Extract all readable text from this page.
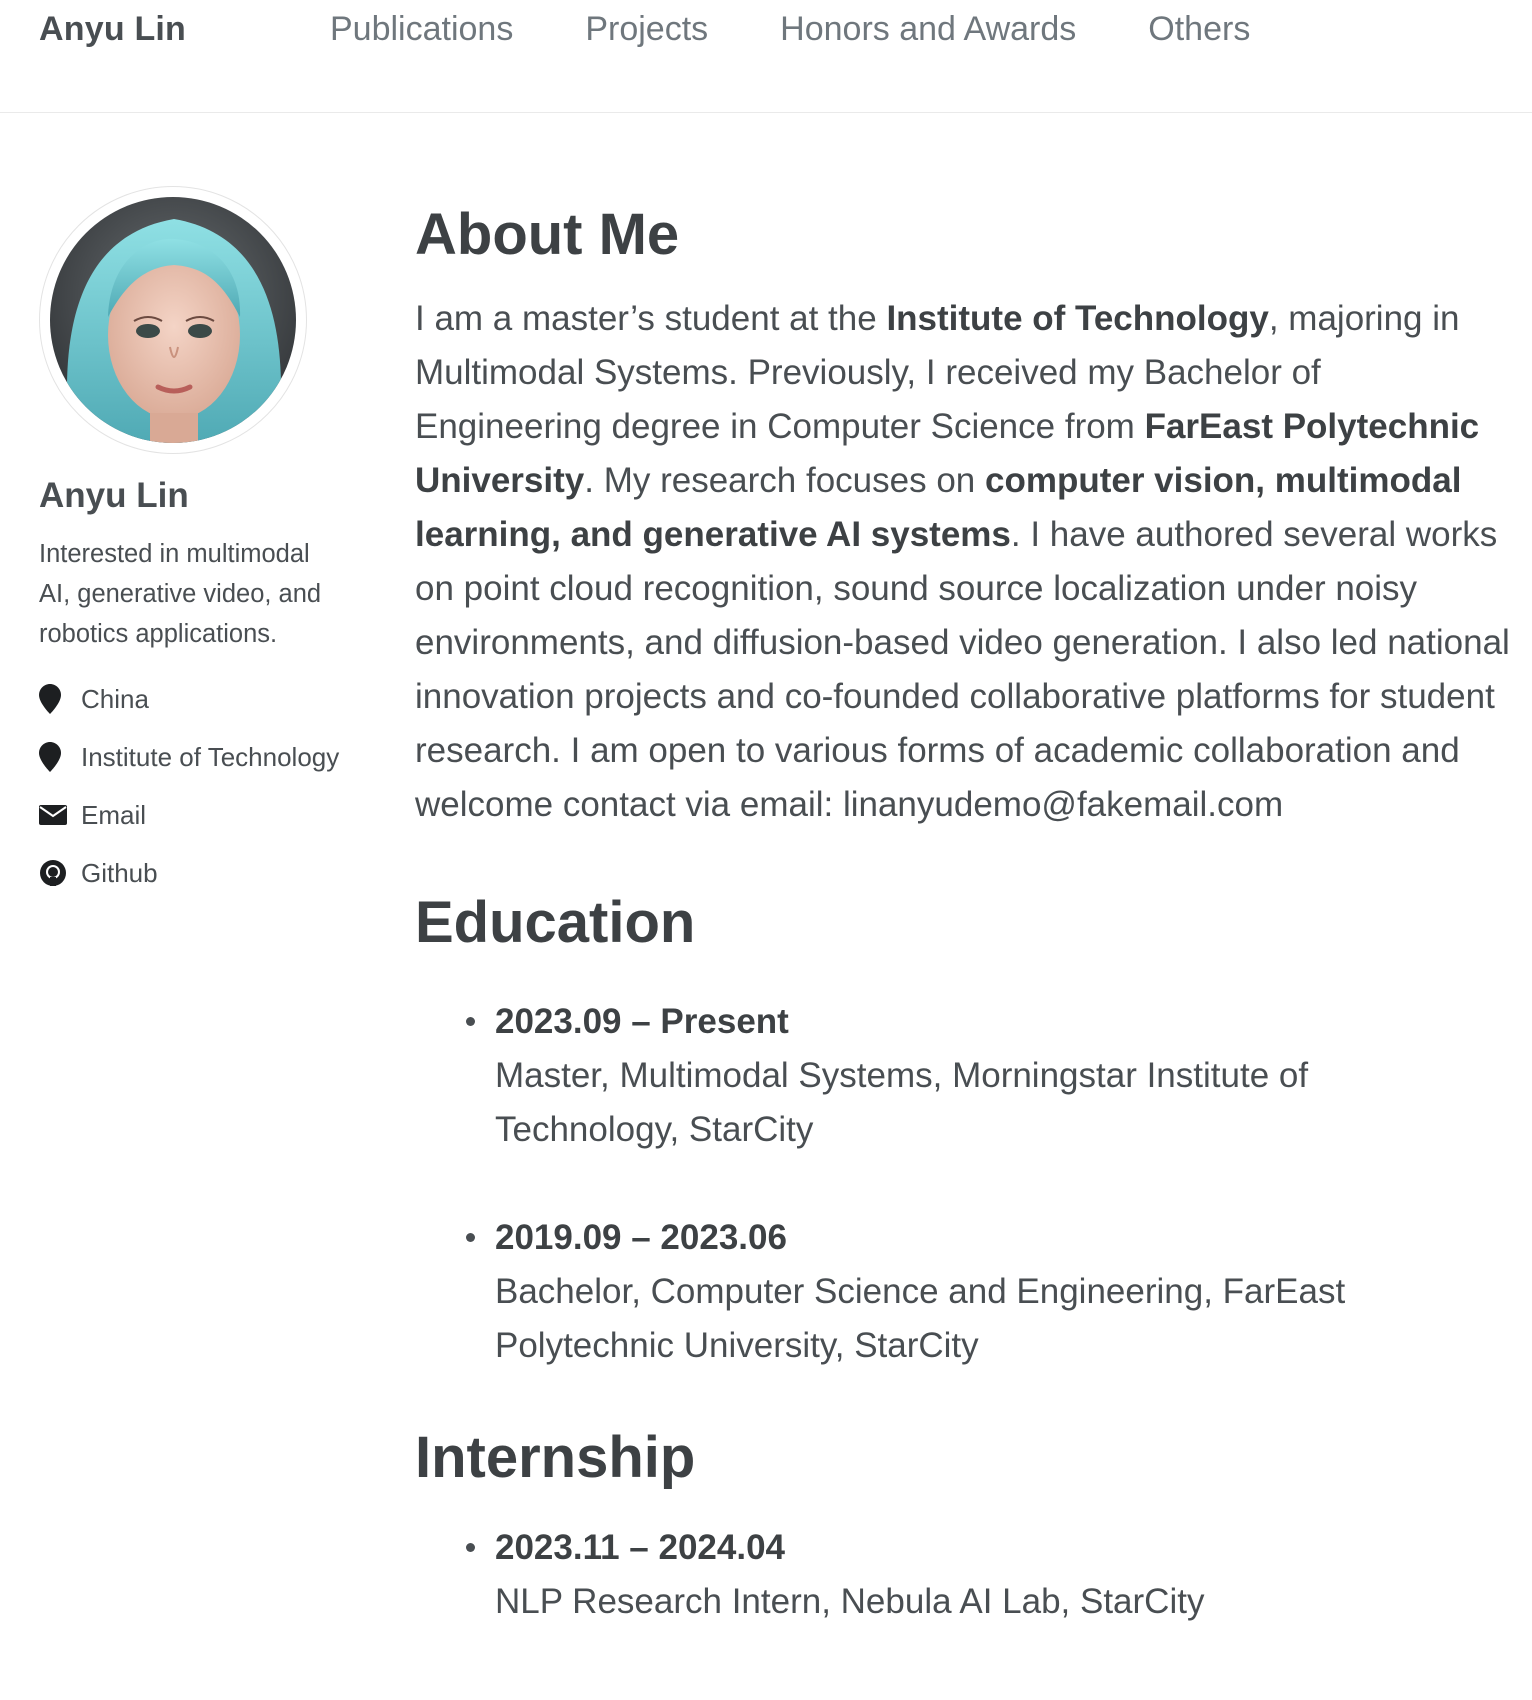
Anyu Lin	Publications Projects Honors and Awards Others
Anyu Lin
Interested in multimodal AI, generative video, and robotics applications.
China
Institute of Technology
Email
Github
About Me

I am a master’s student at the Institute of Technology, majoring in Multimodal Systems. Previously, I received my Bachelor of Engineering degree in Computer Science from FarEast Polytechnic University. My research focuses on computer vision, multimodal learning, and generative AI systems. I have authored several works on point cloud recognition, sound source localization under noisy environments, and diffusion-based video generation. I also led national innovation projects and co-founded collaborative platforms for student research. I am open to various forms of academic collaboration and welcome contact via email: linanyudemo@fakemail.com

Education
2023.09 – Present
Master, Multimodal Systems, Morningstar Institute of Technology, StarCity
2019.09 – 2023.06
Bachelor, Computer Science and Engineering, FarEast Polytechnic University, StarCity
Internship
2023.11 – 2024.04
NLP Research Intern, Nebula AI Lab, StarCity
